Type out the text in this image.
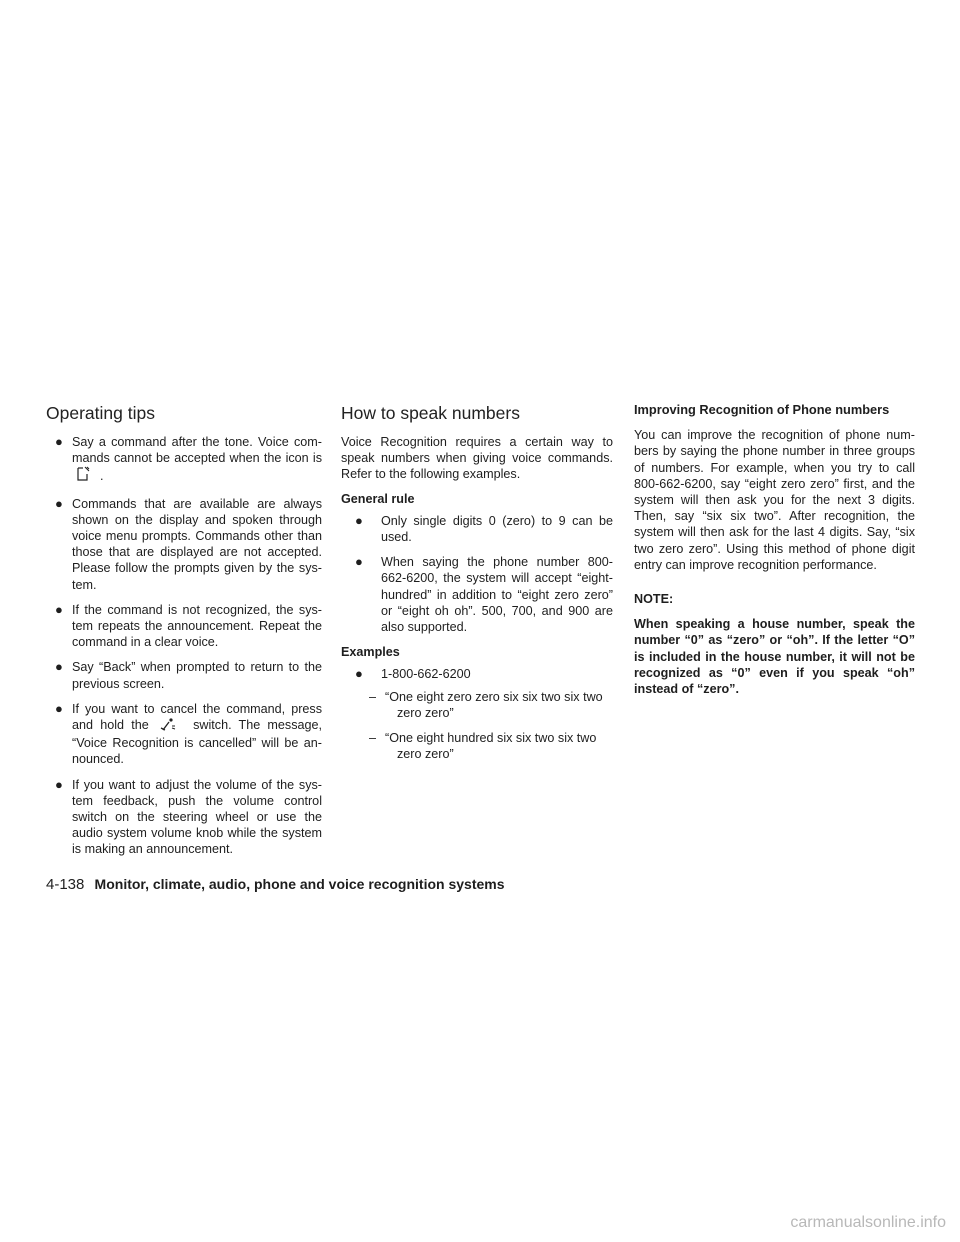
Operating tips
● Say a command after the tone. Voice com-mands cannot be accepted when the icon is .
● Commands that are available are always shown on the display and spoken through voice menu prompts. Commands other than those that are displayed are not accepted. Please follow the prompts given by the sys-tem.
● If the command is not recognized, the sys-tem repeats the announcement. Repeat the command in a clear voice.
● Say “Back” when prompted to return to the previous screen.
● If you want to cancel the command, press and hold the	switch. The message, “Voice Recognition is cancelled” will be an-nounced.
● If you want to adjust the volume of the sys-tem feedback, push the volume control switch on the steering wheel or use the audio system volume knob while the system is making an announcement.
How to speak numbers

Voice Recognition requires a certain way to speak numbers when giving voice commands. Refer to the following examples.

General rule

● Only single digits 0 (zero) to 9 can be used.
● When saying the phone number 800-662-6200, the system will accept “eight-hundred” in addition to “eight zero zero” or “eight oh oh”. 500, 700, and 900 are also supported.

Examples

● 1-800-662-6200
– “One eight zero zero six six two six two
zero zero”
– “One eight hundred six six two six two
zero zero”

Improving Recognition of Phone numbers

You can improve the recognition of phone num-bers by saying the phone number in three groups of numbers. For example, when you try to call 800-662-6200, say “eight zero zero” first, and the system will then ask you for the next 3 digits. Then, say “six six two”. After recognition, the system will then ask for the last 4 digits. Say, “six two zero zero”. Using this method of phone digit entry can improve recognition performance.

NOTE:

When speaking a house number, speak the number “0” as “zero” or “oh”. If the letter “O” is included in the house number, it will not be recognized as “0” even if you speak “oh” instead of “zero”.

4-138 Monitor, climate, audio, phone and voice recognition systems
carmanualsonline.info
